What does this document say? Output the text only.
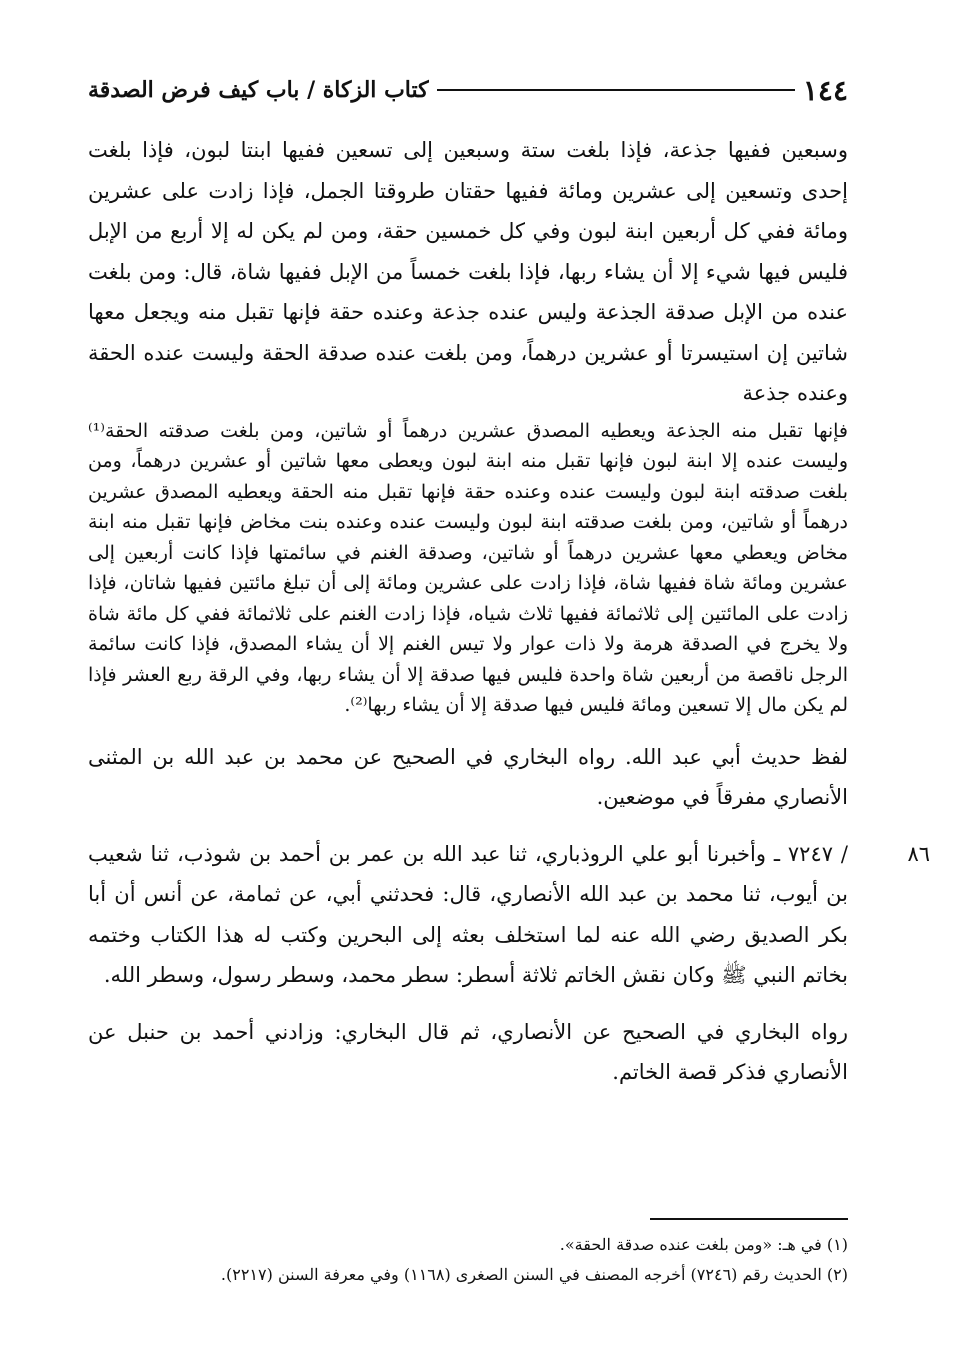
١٤٤
كتاب الزكاة / باب كيف فرض الصدقة

وسبعين ففيها جذعة، فإذا بلغت ستة وسبعين إلى تسعين ففيها ابنتا لبون، فإذا بلغت إحدى وتسعين إلى عشرين ومائة ففيها حقتان طروقتا الجمل، فإذا زادت على عشرين ومائة ففي كل أربعين ابنة لبون وفي كل خمسين حقة، ومن لم يكن له إلا أربع من الإبل فليس فيها شيء إلا أن يشاء ربها، فإذا بلغت خمساً من الإبل ففيها شاة، قال: ومن بلغت عنده من الإبل صدقة الجذعة وليس عنده جذعة وعنده حقة فإنها تقبل منه ويجعل معها شاتين إن استيسرتا أو عشرين درهماً، ومن بلغت عنده صدقة الحقة وليست عنده الحقة وعنده جذعة

فإنها تقبل منه الجذعة ويعطيه المصدق عشرين درهماً أو شاتين، ومن بلغت صدقته الحقة⁽¹⁾ وليست عنده إلا ابنة لبون فإنها تقبل منه ابنة لبون ويعطى معها شاتين أو عشرين درهماً، ومن بلغت صدقته ابنة لبون وليست عنده وعنده حقة فإنها تقبل منه الحقة ويعطيه المصدق عشرين درهماً أو شاتين، ومن بلغت صدقته ابنة لبون وليست عنده وعنده بنت مخاض فإنها تقبل منه ابنة مخاض ويعطي معها عشرين درهماً أو شاتين، وصدقة الغنم في سائمتها فإذا كانت أربعين إلى عشرين ومائة شاة ففيها شاة، فإذا زادت على عشرين ومائة إلى أن تبلغ مائتين ففيها شاتان، فإذا زادت على المائتين إلى ثلاثمائة ففيها ثلاث شياه، فإذا زادت الغنم على ثلاثمائة ففي كل مائة شاة ولا يخرج في الصدقة هرمة ولا ذات عوار ولا تيس الغنم إلا أن يشاء المصدق، فإذا كانت سائمة الرجل ناقصة من أربعين شاة واحدة فليس فيها صدقة إلا أن يشاء ربها، وفي الرقة ربع العشر فإذا لم يكن مال إلا تسعين ومائة فليس فيها صدقة إلا أن يشاء ربها⁽²⁾.

لفظ حديث أبي عبد الله. رواه البخاري في الصحيح عن محمد بن عبد الله بن المثنى الأنصاري مفرقاً في موضعين.

٨٦

/ ٧٢٤٧ ـ وأخبرنا أبو علي الروذباري، ثنا عبد الله بن عمر بن أحمد بن شوذب، ثنا شعيب بن أيوب، ثنا محمد بن عبد الله الأنصاري، قال: فحدثني أبي، عن ثمامة، عن أنس أن أبا بكر الصديق رضي الله عنه لما استخلف بعثه إلى البحرين وكتب له هذا الكتاب وختمه بخاتم النبي ﷺ وكان نقش الخاتم ثلاثة أسطر: سطر محمد، وسطر رسول، وسطر الله.

رواه البخاري في الصحيح عن الأنصاري، ثم قال البخاري: وزادني أحمد بن حنبل عن الأنصاري فذكر قصة الخاتم.

(١) في هـ: «ومن بلغت عنده صدقة الحقة».

(٢) الحديث رقم (٧٢٤٦) أخرجه المصنف في السنن الصغرى (١١٦٨) وفي معرفة السنن (٢٢١٧).
